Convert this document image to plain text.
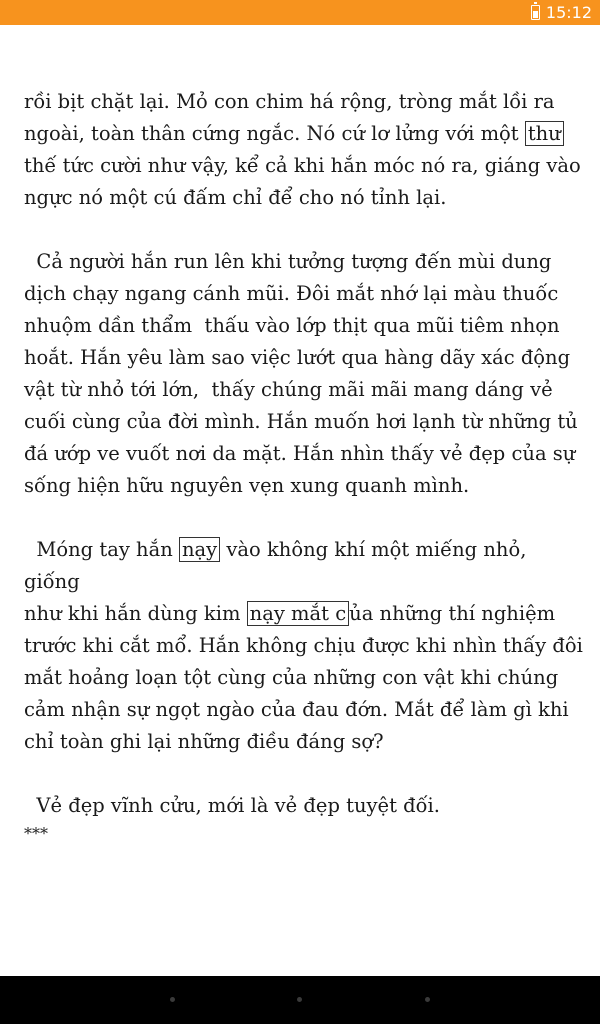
15:12
rồi bịt chặt lại. Mỏ con chim há rộng, tròng mắt lồi ra
ngoài, toàn thân cứng ngắc. Nó cứ lơ lửng với một thư
thế tức cười như vậy, kể cả khi hắn móc nó ra, giáng vào
ngực nó một cú đấm chỉ để cho nó tỉnh lại.
Cả người hắn run lên khi tưởng tượng đến mùi dung
dịch chạy ngang cánh mũi. Đôi mắt nhớ lại màu thuốc
nhuộm dần thẩm  thấu vào lớp thịt qua mũi tiêm nhọn
hoắt. Hắn yêu làm sao việc lướt qua hàng dãy xác động
vật từ nhỏ tới lớn,  thấy chúng mãi mãi mang dáng vẻ
cuối cùng của đời mình. Hắn muốn hơi lạnh từ những tủ
đá ướp ve vuốt nơi da mặt. Hắn nhìn thấy vẻ đẹp của sự
sống hiện hữu nguyên vẹn xung quanh mình.
Móng tay hắn nạy vào không khí một miếng nhỏ, giống
như khi hắn dùng kim nạy mắt c ủa những thí nghiệm
trước khi cắt mổ. Hắn không chịu được khi nhìn thấy đôi
mắt hoảng loạn tột cùng của những con vật khi chúng
cảm nhận sự ngọt ngào của đau đớn. Mắt để làm gì khi
chỉ toàn ghi lại những điều đáng sợ?
Vẻ đẹp vĩnh cửu, mới là vẻ đẹp tuyệt đối.
***
